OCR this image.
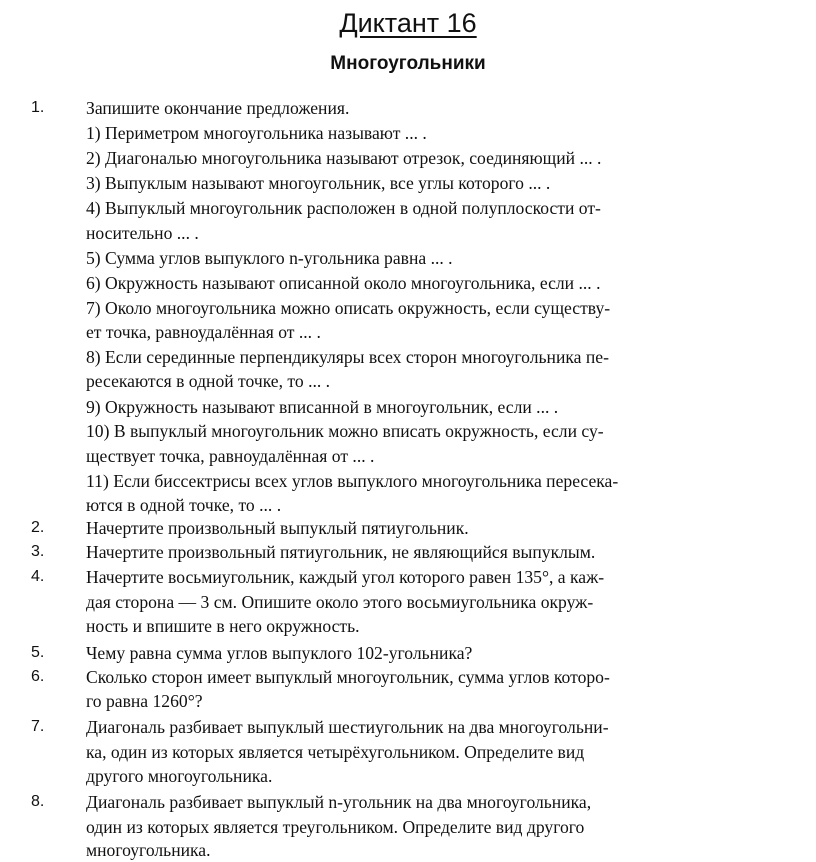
Диктант 16
Многоугольники
1.	Запишите окончание предложения.
1) Периметром многоугольника называют ... .
2) Диагональю многоугольника называют отрезок, соединяющий ... .
3) Выпуклым называют многоугольник, все углы которого ... .
4) Выпуклый многоугольник расположен в одной полуплоскости от-
носительно ... .
5) Сумма углов выпуклого n-угольника равна ... .
6) Окружность называют описанной около многоугольника, если ... .
7) Около многоугольника можно описать окружность, если существу-
ет точка, равноудалённая от ... .
8) Если серединные перпендикуляры всех сторон многоугольника пе-
ресекаются в одной точке, то ... .
9) Окружность называют вписанной в многоугольник, если ... .
10) В выпуклый многоугольник можно вписать окружность, если су-
ществует точка, равноудалённая от ... .
11) Если биссектрисы всех углов выпуклого многоугольника пересека-
ются в одной точке, то ... .
2.	Начертите произвольный выпуклый пятиугольник.
3.	Начертите произвольный пятиугольник, не являющийся выпуклым.
4.	Начертите восьмиугольник, каждый угол которого равен 135°, а каж-
дая сторона — 3 см. Опишите около этого восьмиугольника окруж-
ность и впишите в него окружность.
5.	Чему равна сумма углов выпуклого 102-угольника?
6.	Сколько сторон имеет выпуклый многоугольник, сумма углов которо-
го равна 1260°?
7.	Диагональ разбивает выпуклый шестиугольник на два многоугольни-
ка, один из которых является четырёхугольником. Определите вид
другого многоугольника.
8.	Диагональ разбивает выпуклый n-угольник на два многоугольника,
один из которых является треугольником. Определите вид другого
многоугольника.
